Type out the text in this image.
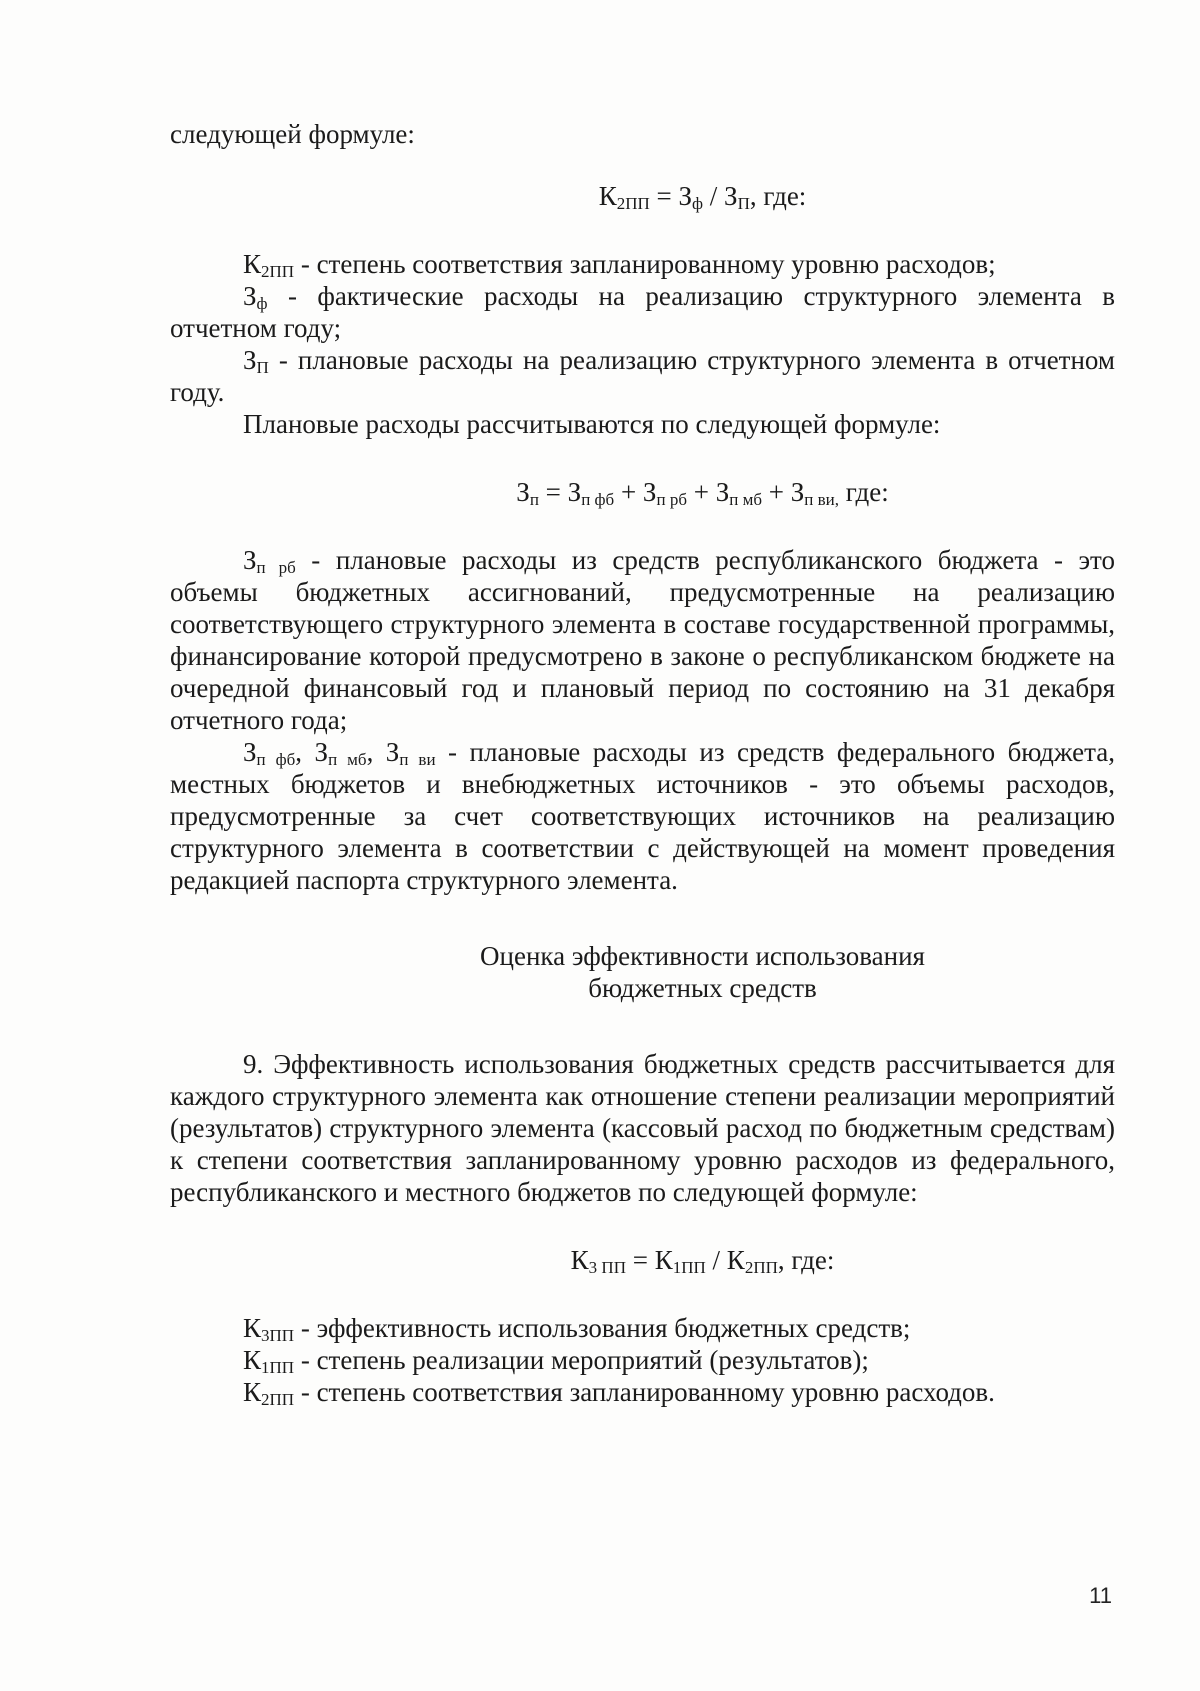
следующей формуле:

$К_{2ПП} = З_ф / З_П$, где:

$К_{2ПП}$ - степень соответствия запланированному уровню расходов;

$З_ф$ - фактические расходы на реализацию структурного элемента в отчетном году;

$З_П$ - плановые расходы на реализацию структурного элемента в отчетном году.

Плановые расходы рассчитываются по следующей формуле:

$З_п = З_{п фб} + З_{п рб} + З_{п мб} + З_{п ви,}$ где:

$З_{п рб}$ - плановые расходы из средств республиканского бюджета - это объемы бюджетных ассигнований, предусмотренные на реализацию соответствующего структурного элемента в составе государственной программы, финансирование которой предусмотрено в законе о республиканском бюджете на очередной финансовый год и плановый период по состоянию на 31 декабря отчетного года;

$З_{п фб}$, $З_{п мб}$, $З_{п ви}$ - плановые расходы из средств федерального бюджета, местных бюджетов и внебюджетных источников - это объемы расходов, предусмотренные за счет соответствующих источников на реализацию структурного элемента в соответствии с действующей на момент проведения редакцией паспорта структурного элемента.

Оценка эффективности использования

бюджетных средств

9. Эффективность использования бюджетных средств рассчитывается для каждого структурного элемента как отношение степени реализации мероприятий (результатов) структурного элемента (кассовый расход по бюджетным средствам) к степени соответствия запланированному уровню расходов из федерального, республиканского и местного бюджетов по следующей формуле:

$К_{3 ПП} = К_{1ПП} / К_{2ПП}$, где:

$К_{3ПП}$ - эффективность использования бюджетных средств;

$К_{1ПП}$ - степень реализации мероприятий (результатов);

$К_{2ПП}$ - степень соответствия запланированному уровню расходов.

11
